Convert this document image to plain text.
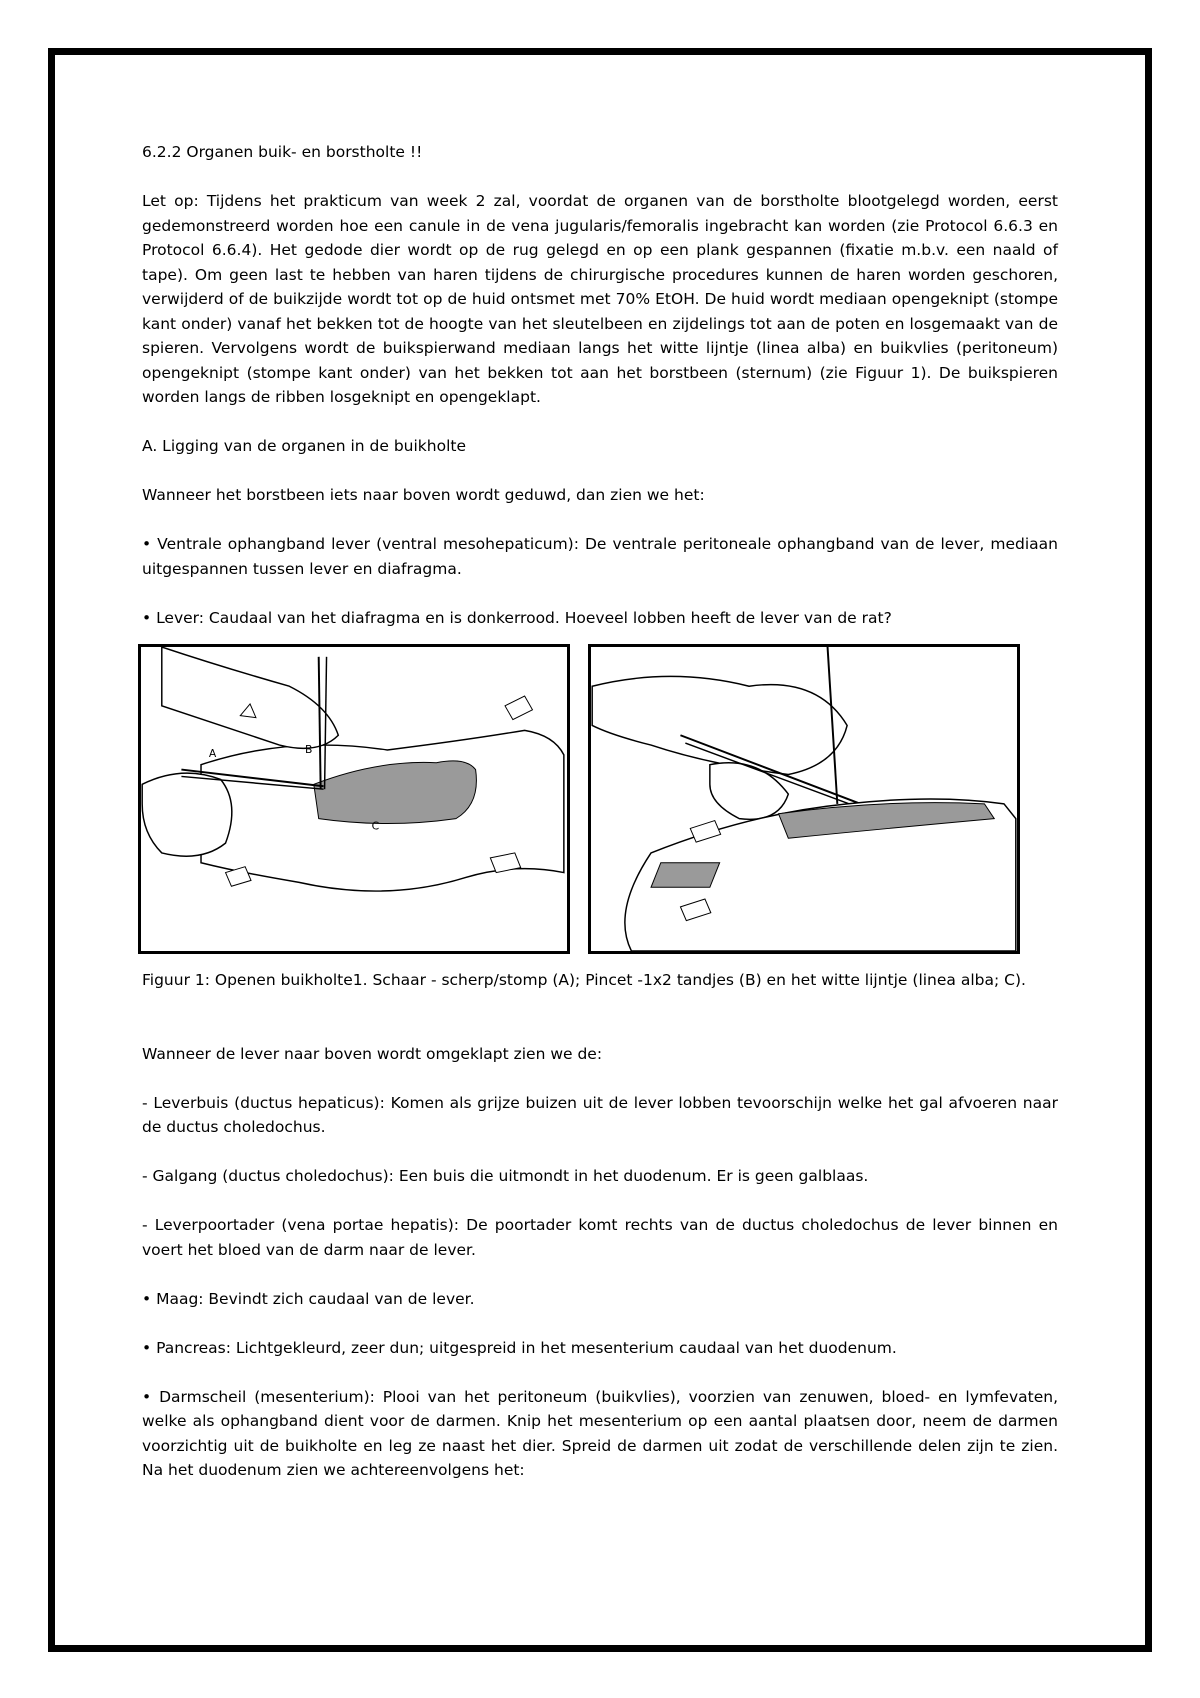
6.2.2 Organen buik- en borstholte !!

Let op: Tijdens het prakticum van week 2 zal, voordat de organen van de borstholte blootgelegd worden, eerst gedemonstreerd worden hoe een canule in de vena jugularis/femoralis ingebracht kan worden (zie Protocol 6.6.3 en Protocol 6.6.4). Het gedode dier wordt op de rug gelegd en op een plank gespannen (fixatie m.b.v. een naald of tape). Om geen last te hebben van haren tijdens de chirurgische procedures kunnen de haren worden geschoren, verwijderd of de buikzijde wordt tot op de huid ontsmet met 70% EtOH. De huid wordt mediaan opengeknipt (stompe kant onder) vanaf het bekken tot de hoogte van het sleutelbeen en zijdelings tot aan de poten en losgemaakt van de spieren. Vervolgens wordt de buikspierwand mediaan langs het witte lijntje (linea alba) en buikvlies (peritoneum) opengeknipt (stompe kant onder) van het bekken tot aan het borstbeen (sternum) (zie Figuur 1). De buikspieren worden langs de ribben losgeknipt en opengeklapt.

A. Ligging van de organen in de buikholte

Wanneer het borstbeen iets naar boven wordt geduwd, dan zien we het:

• Ventrale ophangband lever (ventral mesohepaticum): De ventrale peritoneale ophangband van de lever, mediaan uitgespannen tussen lever en diafragma.

• Lever: Caudaal van het diafragma en is donkerrood. Hoeveel lobben heeft de lever van de rat?

A	B
C

Figuur 1: Openen buikholte1. Schaar - scherp/stomp (A); Pincet -1x2 tandjes (B) en het witte lijntje (linea alba; C).

Wanneer de lever naar boven wordt omgeklapt zien we de:

- Leverbuis (ductus hepaticus): Komen als grijze buizen uit de lever lobben tevoorschijn welke het gal afvoeren naar de ductus choledochus.

- Galgang (ductus choledochus): Een buis die uitmondt in het duodenum. Er is geen galblaas.

- Leverpoortader (vena portae hepatis): De poortader komt rechts van de ductus choledochus de lever binnen en voert het bloed van de darm naar de lever.

• Maag: Bevindt zich caudaal van de lever.

• Pancreas: Lichtgekleurd, zeer dun; uitgespreid in het mesenterium caudaal van het duodenum.

• Darmscheil (mesenterium): Plooi van het peritoneum (buikvlies), voorzien van zenuwen, bloed- en lymfevaten, welke als ophangband dient voor de darmen. Knip het mesenterium op een aantal plaatsen door, neem de darmen voorzichtig uit de buikholte en leg ze naast het dier. Spreid de darmen uit zodat de verschillende delen zijn te zien. Na het duodenum zien we achtereenvolgens het:
